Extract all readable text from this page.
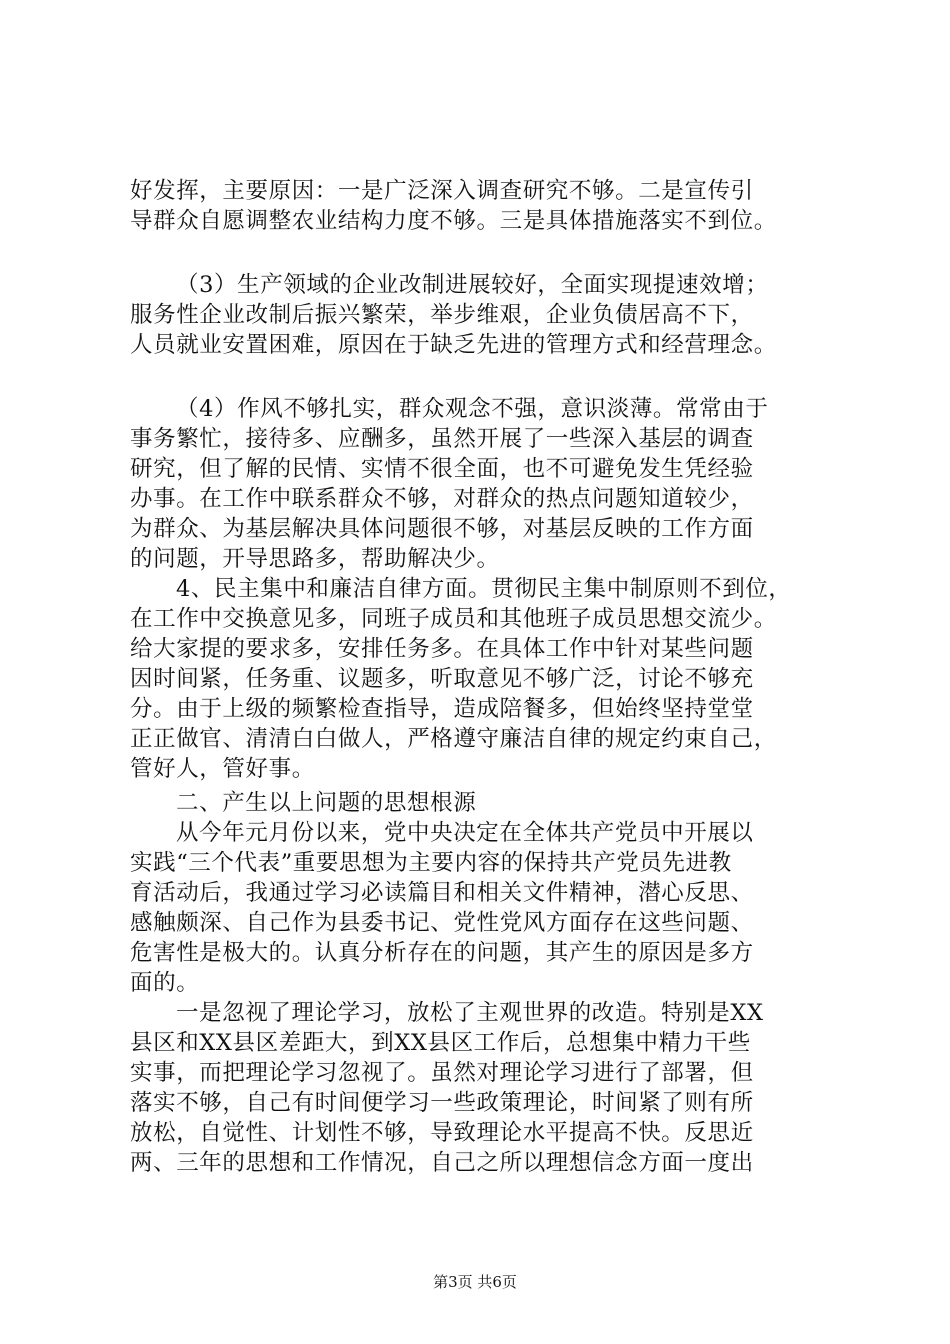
好发挥，主要原因：一是广泛深入调查研究不够。二是宣传引
导群众自愿调整农业结构力度不够。三是具体措施落实不到位。
（3）生产领域的企业改制进展较好，全面实现提速效增；
服务性企业改制后振兴繁荣，举步维艰，企业负债居高不下，
人员就业安置困难，原因在于缺乏先进的管理方式和经营理念。
（4）作风不够扎实，群众观念不强，意识淡薄。常常由于
事务繁忙，接待多、应酬多，虽然开展了一些深入基层的调查
研究，但了解的民情、实情不很全面，也不可避免发生凭经验
办事。在工作中联系群众不够，对群众的热点问题知道较少，
为群众、为基层解决具体问题很不够，对基层反映的工作方面
的问题，开导思路多，帮助解决少。
4、民主集中和廉洁自律方面。贯彻民主集中制原则不到位，
在工作中交换意见多，同班子成员和其他班子成员思想交流少。
给大家提的要求多，安排任务多。在具体工作中针对某些问题
因时间紧，任务重、议题多，听取意见不够广泛，讨论不够充
分。由于上级的频繁检查指导，造成陪餐多，但始终坚持堂堂
正正做官、清清白白做人，严格遵守廉洁自律的规定约束自己，
管好人，管好事。
二、产生以上问题的思想根源
从今年元月份以来，党中央决定在全体共产党员中开展以
实践“三个代表”重要思想为主要内容的保持共产党员先进教
育活动后，我通过学习必读篇目和相关文件精神，潜心反思、
感触颇深、自己作为县委书记、党性党风方面存在这些问题、
危害性是极大的。认真分析存在的问题，其产生的原因是多方
面的。
一是忽视了理论学习，放松了主观世界的改造。特别是XX
县区和XX县区差距大，到XX县区工作后，总想集中精力干些
实事，而把理论学习忽视了。虽然对理论学习进行了部署，但
落实不够，自己有时间便学习一些政策理论，时间紧了则有所
放松，自觉性、计划性不够，导致理论水平提高不快。反思近
两、三年的思想和工作情况，自己之所以理想信念方面一度出
第3页 共6页
